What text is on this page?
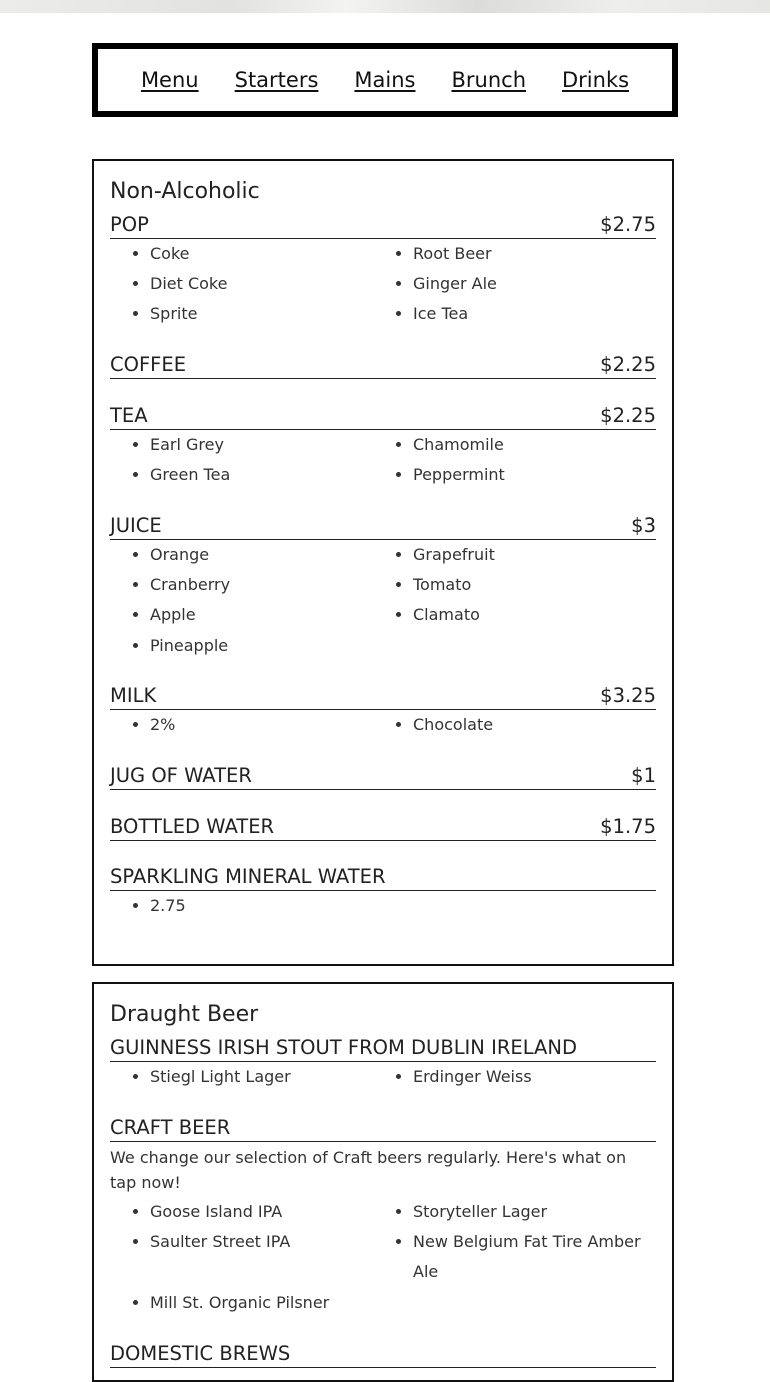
Menu Starters Mains Brunch Drinks
Non-Alcoholic
POP	$2.75
• Coke	• Root Beer
• Diet Coke	• Ginger Ale
• Sprite	• Ice Tea
COFFEE	$2.25
TEA	$2.25
• Earl Grey	• Chamomile
• Green Tea	• Peppermint
JUICE	$3
• Orange	• Grapefruit
• Cranberry	• Tomato
• Apple	• Clamato
• Pineapple
MILK	$3.25
• 2%	• Chocolate
JUG OF WATER	$1
BOTTLED WATER	$1.75
SPARKLING MINERAL WATER
• 2.75
Draught Beer
GUINNESS IRISH STOUT FROM DUBLIN IRELAND
• Stiegl Light Lager	• Erdinger Weiss
CRAFT BEER

We change our selection of Craft beers regularly. Here's what on tap now!

• Goose Island IPA	• Storyteller Lager
• Saulter Street IPA	• New Belgium Fat Tire Amber Ale
• Mill St. Organic Pilsner
DOMESTIC BREWS
